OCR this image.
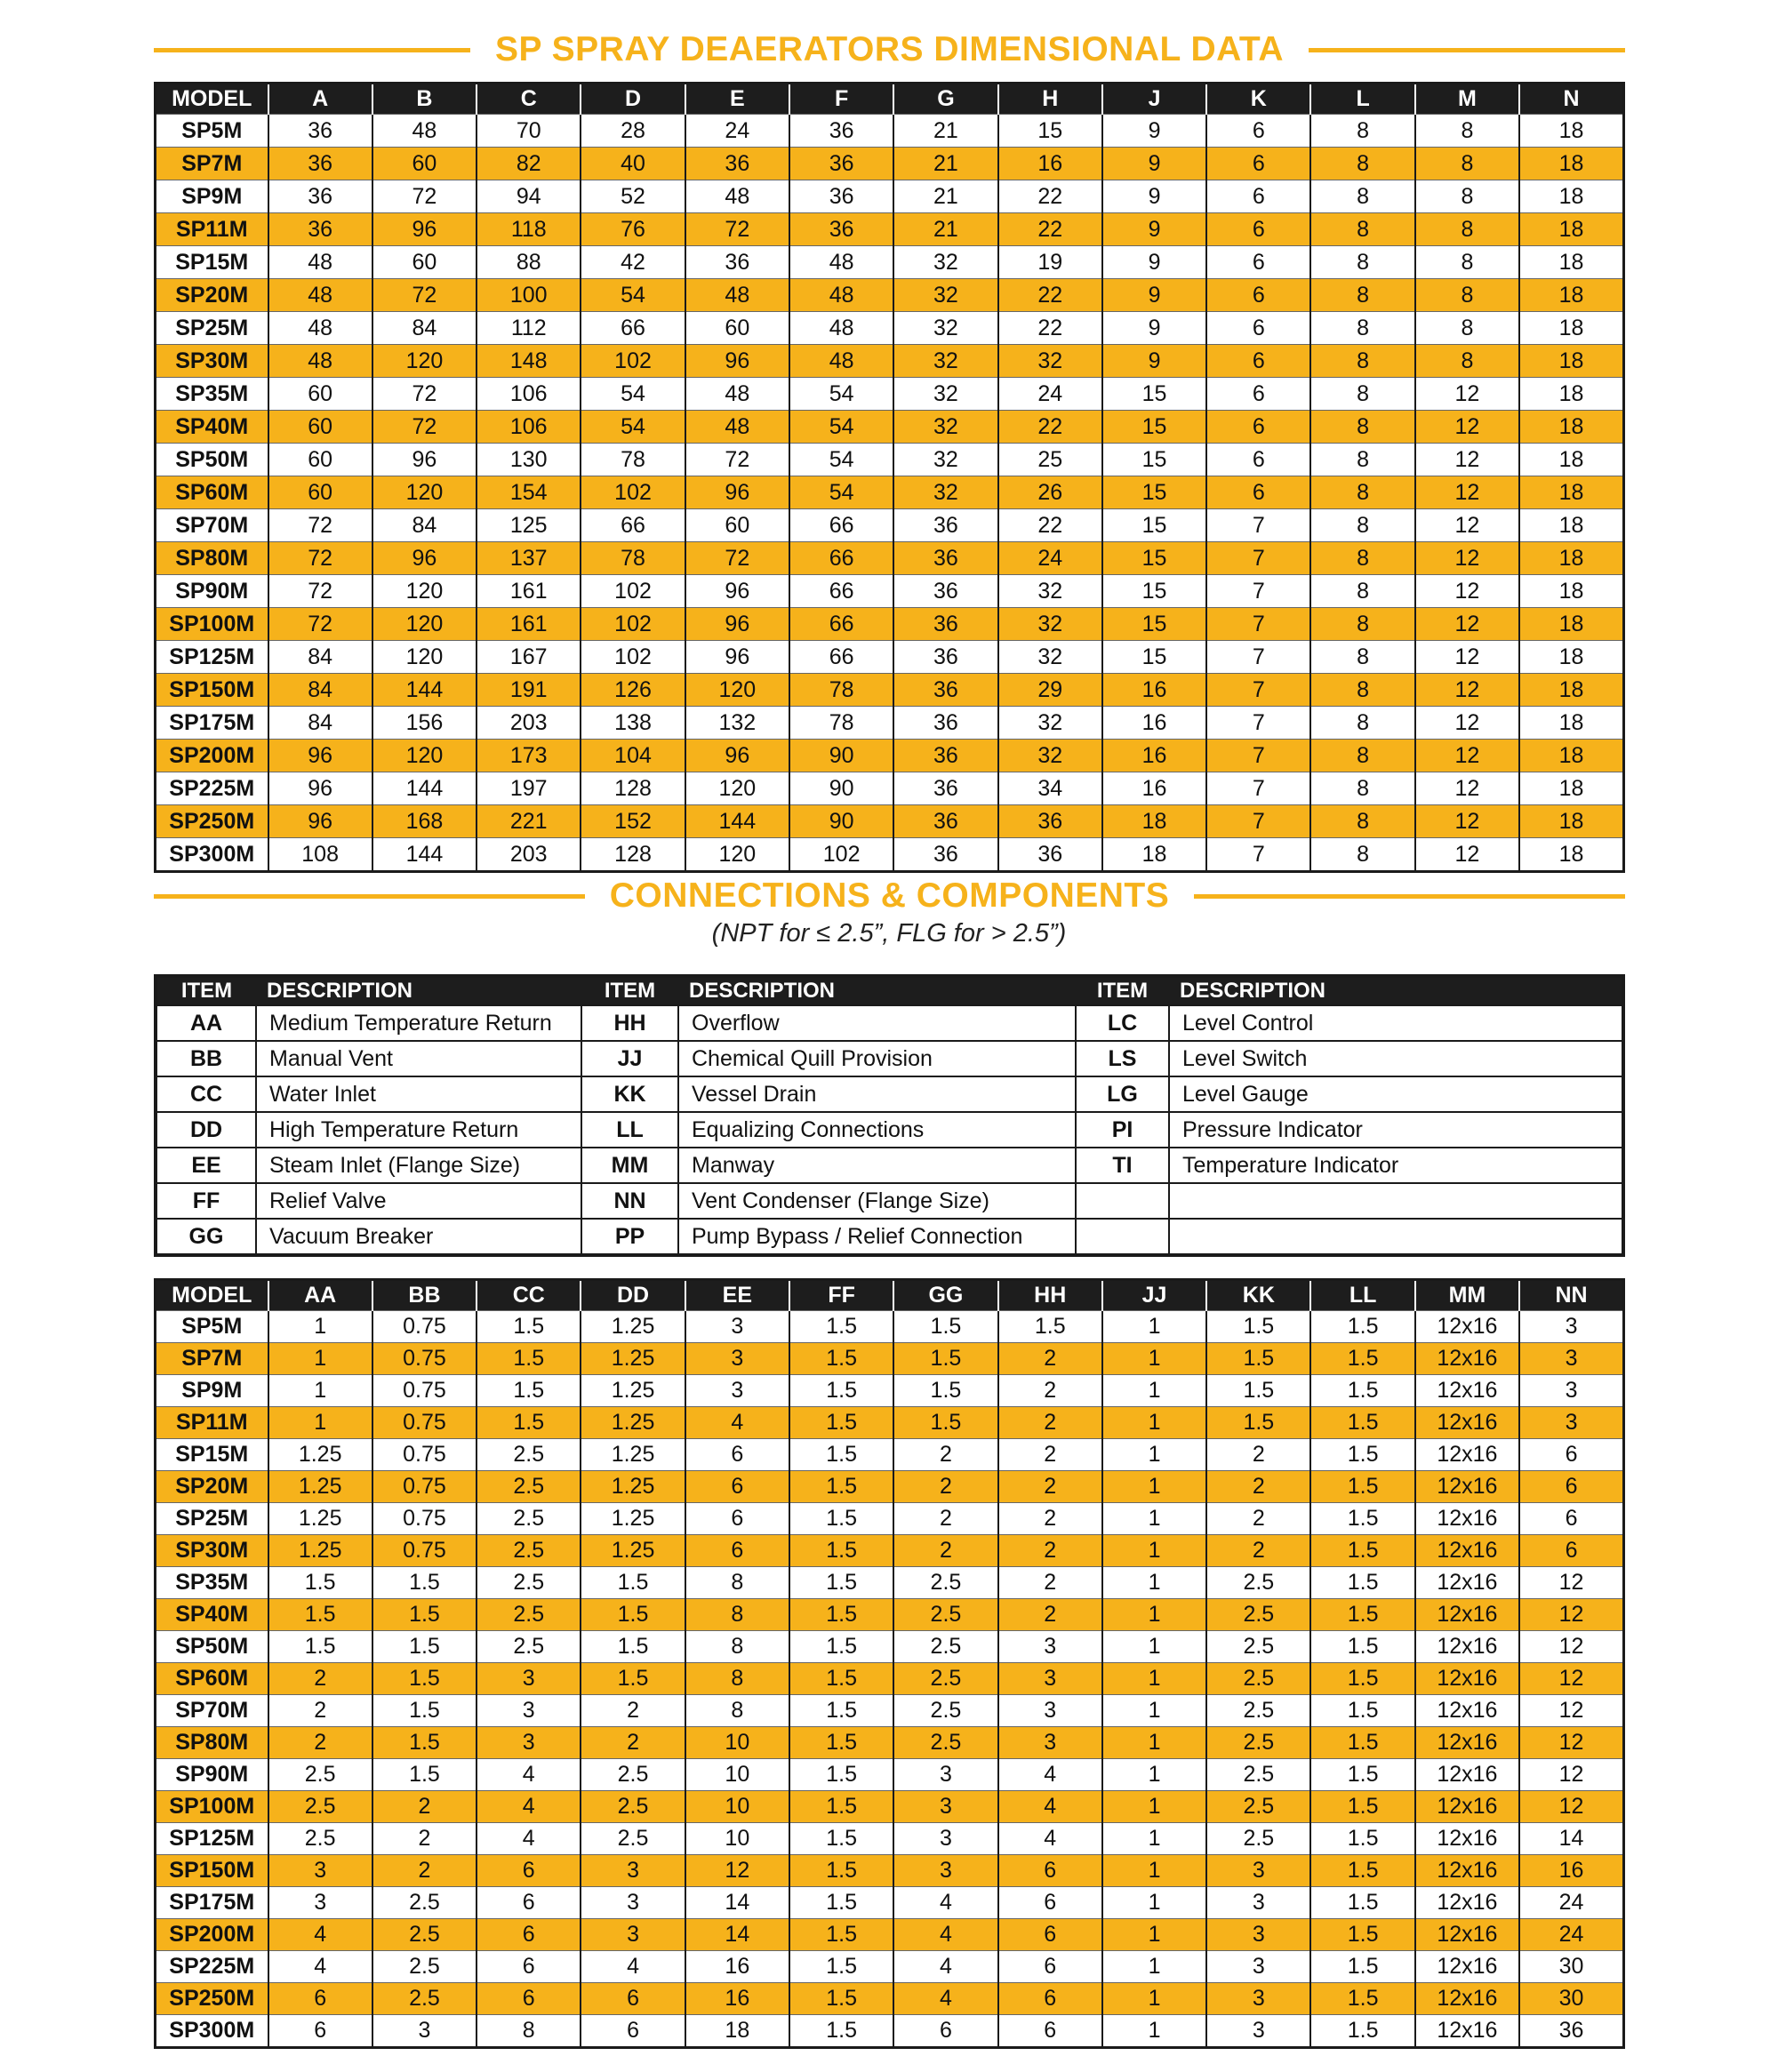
SP SPRAY DEAERATORS DIMENSIONAL DATA
MODEL	A	B	C	D	E	F	G	H	J	K	L	M	N
SP5M	36	48	70	28	24	36	21	15	9	6	8	8	18
SP7M	36	60	82	40	36	36	21	16	9	6	8	8	18
SP9M	36	72	94	52	48	36	21	22	9	6	8	8	18
SP11M	36	96	118	76	72	36	21	22	9	6	8	8	18
SP15M	48	60	88	42	36	48	32	19	9	6	8	8	18
SP20M	48	72	100	54	48	48	32	22	9	6	8	8	18
SP25M	48	84	112	66	60	48	32	22	9	6	8	8	18
SP30M	48	120	148	102	96	48	32	32	9	6	8	8	18
SP35M	60	72	106	54	48	54	32	24	15	6	8	12	18
SP40M	60	72	106	54	48	54	32	22	15	6	8	12	18
SP50M	60	96	130	78	72	54	32	25	15	6	8	12	18
SP60M	60	120	154	102	96	54	32	26	15	6	8	12	18
SP70M	72	84	125	66	60	66	36	22	15	7	8	12	18
SP80M	72	96	137	78	72	66	36	24	15	7	8	12	18
SP90M	72	120	161	102	96	66	36	32	15	7	8	12	18
SP100M	72	120	161	102	96	66	36	32	15	7	8	12	18
SP125M	84	120	167	102	96	66	36	32	15	7	8	12	18
SP150M	84	144	191	126	120	78	36	29	16	7	8	12	18
SP175M	84	156	203	138	132	78	36	32	16	7	8	12	18
SP200M	96	120	173	104	96	90	36	32	16	7	8	12	18
SP225M	96	144	197	128	120	90	36	34	16	7	8	12	18
SP250M	96	168	221	152	144	90	36	36	18	7	8	12	18
SP300M	108	144	203	128	120	102	36	36	18	7	8	12	18
CONNECTIONS & COMPONENTS
(NPT for ≤ 2.5”, FLG for > 2.5”)
ITEM	DESCRIPTION	ITEM	DESCRIPTION	ITEM	DESCRIPTION
AA	Medium Temperature Return	HH	Overflow	LC	Level Control
BB	Manual Vent	JJ	Chemical Quill Provision	LS	Level Switch
CC	Water Inlet	KK	Vessel Drain	LG	Level Gauge
DD	High Temperature Return	LL	Equalizing Connections	PI	Pressure Indicator
EE	Steam Inlet (Flange Size)	MM	Manway	TI	Temperature Indicator
FF	Relief Valve	NN	Vent Condenser (Flange Size)		
GG	Vacuum Breaker	PP	Pump Bypass / Relief Connection		
MODEL	AA	BB	CC	DD	EE	FF	GG	HH	JJ	KK	LL	MM	NN
SP5M	1	0.75	1.5	1.25	3	1.5	1.5	1.5	1	1.5	1.5	12x16	3
SP7M	1	0.75	1.5	1.25	3	1.5	1.5	2	1	1.5	1.5	12x16	3
SP9M	1	0.75	1.5	1.25	3	1.5	1.5	2	1	1.5	1.5	12x16	3
SP11M	1	0.75	1.5	1.25	4	1.5	1.5	2	1	1.5	1.5	12x16	3
SP15M	1.25	0.75	2.5	1.25	6	1.5	2	2	1	2	1.5	12x16	6
SP20M	1.25	0.75	2.5	1.25	6	1.5	2	2	1	2	1.5	12x16	6
SP25M	1.25	0.75	2.5	1.25	6	1.5	2	2	1	2	1.5	12x16	6
SP30M	1.25	0.75	2.5	1.25	6	1.5	2	2	1	2	1.5	12x16	6
SP35M	1.5	1.5	2.5	1.5	8	1.5	2.5	2	1	2.5	1.5	12x16	12
SP40M	1.5	1.5	2.5	1.5	8	1.5	2.5	2	1	2.5	1.5	12x16	12
SP50M	1.5	1.5	2.5	1.5	8	1.5	2.5	3	1	2.5	1.5	12x16	12
SP60M	2	1.5	3	1.5	8	1.5	2.5	3	1	2.5	1.5	12x16	12
SP70M	2	1.5	3	2	8	1.5	2.5	3	1	2.5	1.5	12x16	12
SP80M	2	1.5	3	2	10	1.5	2.5	3	1	2.5	1.5	12x16	12
SP90M	2.5	1.5	4	2.5	10	1.5	3	4	1	2.5	1.5	12x16	12
SP100M	2.5	2	4	2.5	10	1.5	3	4	1	2.5	1.5	12x16	12
SP125M	2.5	2	4	2.5	10	1.5	3	4	1	2.5	1.5	12x16	14
SP150M	3	2	6	3	12	1.5	3	6	1	3	1.5	12x16	16
SP175M	3	2.5	6	3	14	1.5	4	6	1	3	1.5	12x16	24
SP200M	4	2.5	6	3	14	1.5	4	6	1	3	1.5	12x16	24
SP225M	4	2.5	6	4	16	1.5	4	6	1	3	1.5	12x16	30
SP250M	6	2.5	6	6	16	1.5	4	6	1	3	1.5	12x16	30
SP300M	6	3	8	6	18	1.5	6	6	1	3	1.5	12x16	36
